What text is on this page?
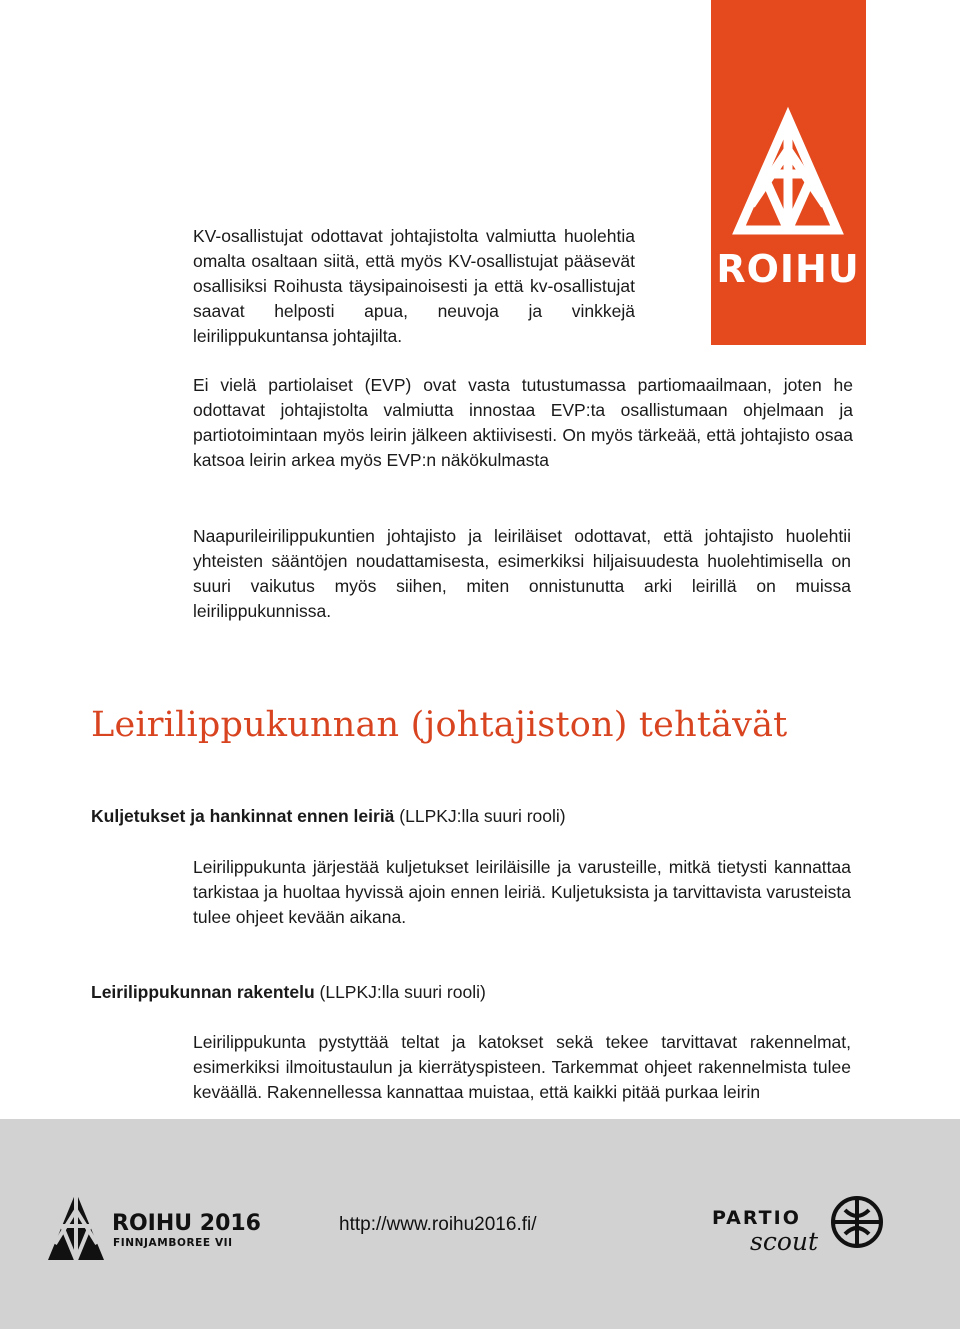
ROIHU

KV-osallistujat odottavat johtajistolta valmiutta huolehtia omalta osaltaan siitä, että myös KV-osallistujat pääsevät osallisiksi Roihusta täysipainoisesti ja että kv-osallistujat saavat helposti apua, neuvoja ja vinkkejä leirilippukuntansa johtajilta.

Ei vielä partiolaiset (EVP) ovat vasta tutustumassa partiomaailmaan, joten he odottavat johtajistolta valmiutta innostaa EVP:ta osallistumaan ohjelmaan ja partiotoimintaan myös leirin jälkeen aktiivisesti. On myös tärkeää, että johtajisto osaa katsoa leirin arkea myös EVP:n näkökulmasta

Naapurileirilippukuntien johtajisto ja leiriläiset odottavat, että johtajisto huolehtii yhteisten sääntöjen noudattamisesta, esimerkiksi hiljaisuudesta huolehtimisella on suuri vaikutus myös siihen, miten onnistunutta arki leirillä on muissa leirilippukunnissa.

Leirilippukunnan (johtajiston) tehtävät

Kuljetukset ja hankinnat ennen leiriä (LLPKJ:lla suuri rooli)

Leirilippukunta järjestää kuljetukset leiriläisille ja varusteille, mitkä tietysti kannattaa tarkistaa ja huoltaa hyvissä ajoin ennen leiriä. Kuljetuksista ja tarvittavista varusteista tulee ohjeet kevään aikana.

Leirilippukunnan rakentelu (LLPKJ:lla suuri rooli)

Leirilippukunta pystyttää teltat ja katokset sekä tekee tarvittavat rakennelmat, esimerkiksi ilmoitustaulun ja kierrätyspisteen. Tarkemmat ohjeet rakennelmista tulee keväällä. Rakennellessa kannattaa muistaa, että kaikki pitää purkaa leirin

ROIHU 2016
FINNJAMBOREE VII
http://www.roihu2016.fi/	PARTIO
scout
